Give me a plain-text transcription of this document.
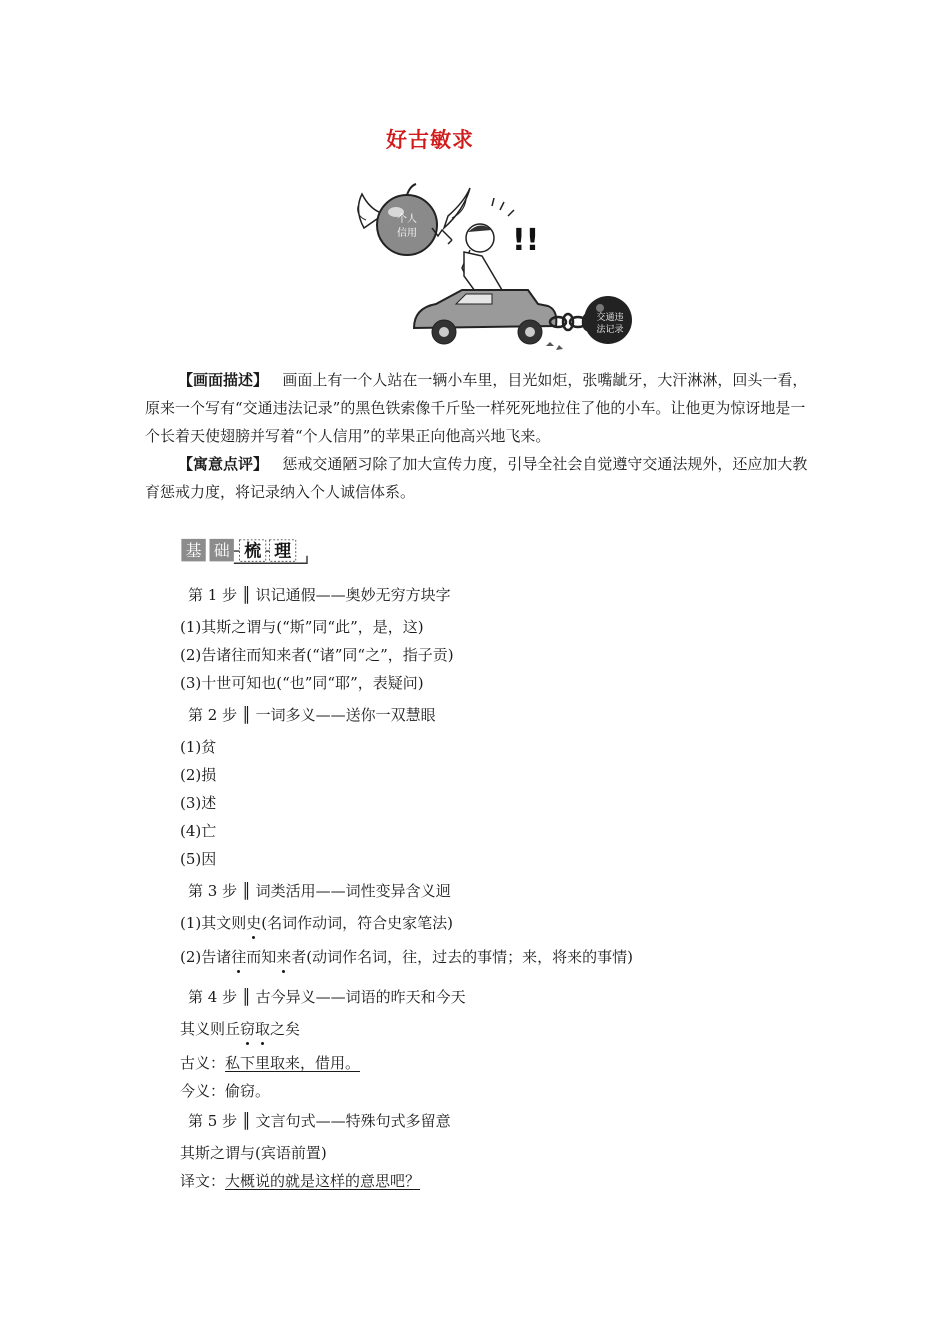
好古敏求
个人
信用	!!
交通违
法记录
【画面描述】 画面上有一个人站在一辆小车里，目光如炬，张嘴龇牙，大汗淋淋，回头一看，原来一个写有“交通违法记录”的黑色铁索像千斤坠一样死死地拉住了他的小车。让他更为惊讶地是一个长着天使翅膀并写着“个人信用”的苹果正向他高兴地飞来。
【寓意点评】 惩戒交通陋习除了加大宣传力度，引导全社会自觉遵守交通法规外，还应加大教育惩戒力度，将记录纳入个人诚信体系。
基 础 梳 理
第 1 步 ║ 识记通假——奥妙无穷方块字
(1)其斯之谓与(“斯”同“此”，是，这)
(2)告诸往而知来者(“诸”同“之”，指子贡)
(3)十世可知也(“也”同“耶”，表疑问)
第 2 步 ║ 一词多义——送你一双慧眼
(1)贫
(2)损
(3)述
(4)亡
(5)因
第 3 步 ║ 词类活用——词性变异含义迥
(1)其文则史(名词作动词，符合史家笔法)
(2)告诸往而知来者(动词作名词，往，过去的事情；来，将来的事情)
第 4 步 ║ 古今异义——词语的昨天和今天
其义则丘窃取之矣
古义：私下里取来，借用。
今义：偷窃。
第 5 步 ║ 文言句式——特殊句式多留意
其斯之谓与(宾语前置)
译文：大概说的就是这样的意思吧？
